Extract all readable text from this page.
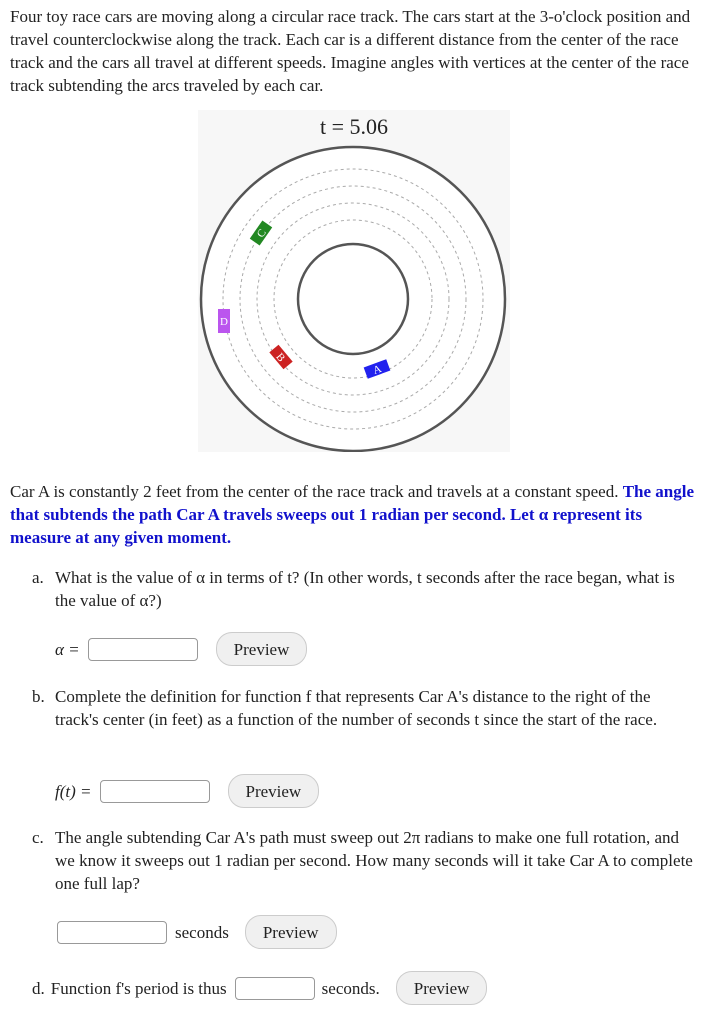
Four toy race cars are moving along a circular race track. The cars start at the 3-o'clock position and travel counterclockwise along the track. Each car is a different distance from the center of the race track and the cars all travel at different speeds. Imagine angles with vertices at the center of the race track subtending the arcs traveled by each car.

t = 5.06
A
B
C
D

Car A is constantly 2 feet from the center of the race track and travels at a constant speed. The angle that subtends the path Car A travels sweeps out 1 radian per second. Let α represent its measure at any given moment.

a. What is the value of α in terms of t? (In other words, t seconds after the race began, what is the value of α?)
α =	Preview
b. Complete the definition for function f that represents Car A's distance to the right of the track's center (in feet) as a function of the number of seconds t since the start of the race.
f(t) =	Preview
c. The angle subtending Car A's path must sweep out 2π radians to make one full rotation, and we know it sweeps out 1 radian per second. How many seconds will it take Car A to complete one full lap?
seconds	Preview
d. Function f's period is thus	seconds.	Preview
